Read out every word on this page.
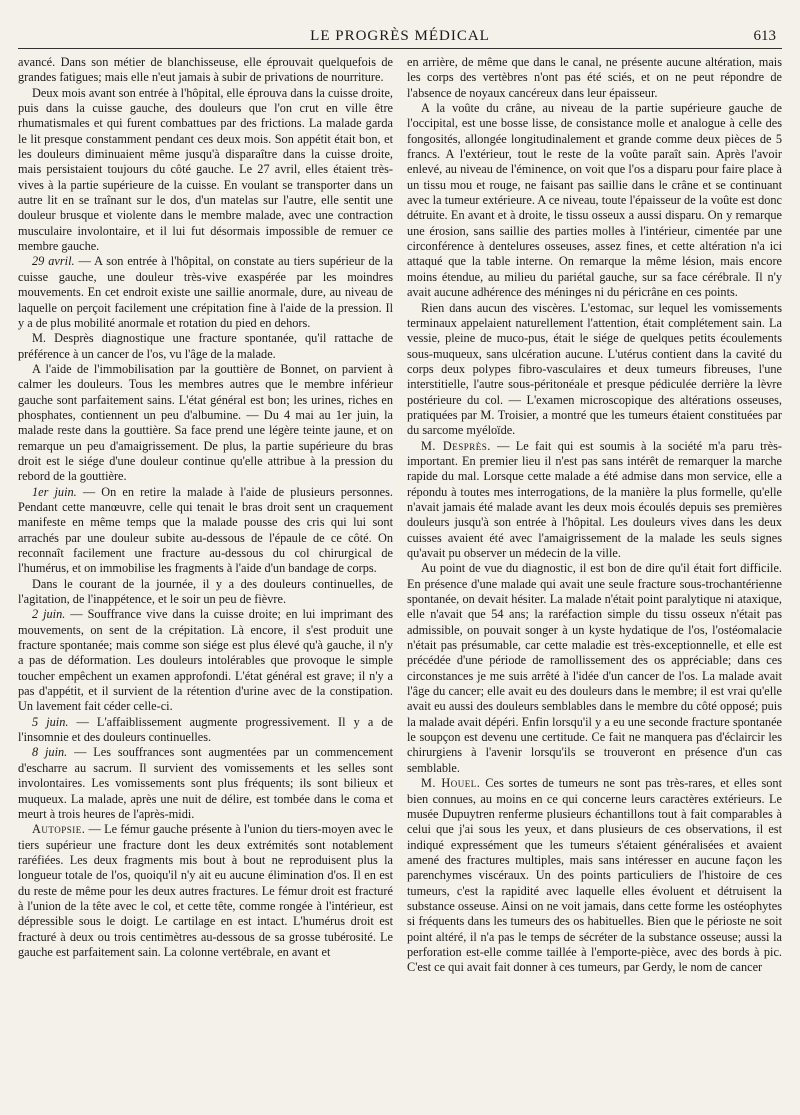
LE PROGRÈS MÉDICAL	613

avancé. Dans son métier de blanchisseuse, elle éprouvait quelquefois de grandes fatigues; mais elle n'eut jamais à subir de privations de nourriture.

Deux mois avant son entrée à l'hôpital, elle éprouva dans la cuisse droite, puis dans la cuisse gauche, des douleurs que l'on crut en ville être rhumatismales et qui furent combattues par des frictions. La malade garda le lit presque constamment pendant ces deux mois. Son appétit était bon, et les douleurs diminuaient même jusqu'à disparaître dans la cuisse droite, mais persistaient toujours du côté gauche. Le 27 avril, elles étaient très-vives à la partie supérieure de la cuisse. En voulant se transporter dans un autre lit en se traînant sur le dos, d'un matelas sur l'autre, elle sentit une douleur brusque et violente dans le membre malade, avec une contraction musculaire involontaire, et il lui fut désormais impossible de remuer ce membre gauche.

29 avril. — A son entrée à l'hôpital, on constate au tiers supérieur de la cuisse gauche, une douleur très-vive exaspérée par les moindres mouvements. En cet endroit existe une saillie anormale, dure, au niveau de laquelle on perçoit facilement une crépitation fine à l'aide de la pression. Il y a de plus mobilité anormale et rotation du pied en dehors.

M. Desprès diagnostique une fracture spontanée, qu'il rattache de préférence à un cancer de l'os, vu l'âge de la malade.

A l'aide de l'immobilisation par la gouttière de Bonnet, on parvient à calmer les douleurs. Tous les membres autres que le membre inférieur gauche sont parfaitement sains. L'état général est bon; les urines, riches en phosphates, contiennent un peu d'albumine. — Du 4 mai au 1er juin, la malade reste dans la gouttière. Sa face prend une légère teinte jaune, et on remarque un peu d'amaigrissement. De plus, la partie supérieure du bras droit est le siége d'une douleur continue qu'elle attribue à la pression du rebord de la gouttière.

1er juin. — On en retire la malade à l'aide de plusieurs personnes. Pendant cette manœuvre, celle qui tenait le bras droit sent un craquement manifeste en même temps que la malade pousse des cris qui lui sont arrachés par une douleur subite au-dessous de l'épaule de ce côté. On reconnaît facilement une fracture au-dessous du col chirurgical de l'humérus, et on immobilise les fragments à l'aide d'un bandage de corps.

Dans le courant de la journée, il y a des douleurs continuelles, de l'agitation, de l'inappétence, et le soir un peu de fièvre.

2 juin. — Souffrance vive dans la cuisse droite; en lui imprimant des mouvements, on sent de la crépitation. Là encore, il s'est produit une fracture spontanée; mais comme son siége est plus élevé qu'à gauche, il n'y a pas de déformation. Les douleurs intolérables que provoque le simple toucher empêchent un examen approfondi. L'état général est grave; il n'y a pas d'appétit, et il survient de la rétention d'urine avec de la constipation. Un lavement fait céder celle-ci.

5 juin. — L'affaiblissement augmente progressivement. Il y a de l'insomnie et des douleurs continuelles.

8 juin. — Les souffrances sont augmentées par un commencement d'escharre au sacrum. Il survient des vomissements et les selles sont involontaires. Les vomissements sont plus fréquents; ils sont bilieux et muqueux. La malade, après une nuit de délire, est tombée dans le coma et meurt à trois heures de l'après-midi.

Autopsie. — Le fémur gauche présente à l'union du tiers-moyen avec le tiers supérieur une fracture dont les deux extrémités sont notablement raréfiées. Les deux fragments mis bout à bout ne reproduisent plus la longueur totale de l'os, quoiqu'il n'y ait eu aucune élimination d'os. Il en est du reste de même pour les deux autres fractures. Le fémur droit est fracturé à l'union de la tête avec le col, et cette tête, comme rongée à l'intérieur, est dépressible sous le doigt. Le cartilage en est intact. L'humérus droit est fracturé à deux ou trois centimètres au-dessous de sa grosse tubérosité. Le gauche est parfaitement sain. La colonne vertébrale, en avant et

en arrière, de même que dans le canal, ne présente aucune altération, mais les corps des vertèbres n'ont pas été sciés, et on ne peut répondre de l'absence de noyaux cancéreux dans leur épaisseur.

A la voûte du crâne, au niveau de la partie supérieure gauche de l'occipital, est une bosse lisse, de consistance molle et analogue à celle des fongosités, allongée longitudinalement et grande comme deux pièces de 5 francs. A l'extérieur, tout le reste de la voûte paraît sain. Après l'avoir enlevé, au niveau de l'éminence, on voit que l'os a disparu pour faire place à un tissu mou et rouge, ne faisant pas saillie dans le crâne et se continuant avec la tumeur extérieure. A ce niveau, toute l'épaisseur de la voûte est donc détruite. En avant et à droite, le tissu osseux a aussi disparu. On y remarque une érosion, sans saillie des parties molles à l'intérieur, cimentée par une circonférence à dentelures osseuses, assez fines, et cette altération n'a ici attaqué que la table interne. On remarque la même lésion, mais encore moins étendue, au milieu du pariétal gauche, sur sa face cérébrale. Il n'y avait aucune adhérence des méninges ni du péricrâne en ces points.

Rien dans aucun des viscères. L'estomac, sur lequel les vomissements terminaux appelaient naturellement l'attention, était complétement sain. La vessie, pleine de muco-pus, était le siége de quelques petits écoulements sous-muqueux, sans ulcération aucune. L'utérus contient dans la cavité du corps deux polypes fibro-vasculaires et deux tumeurs fibreuses, l'une interstitielle, l'autre sous-péritonéale et presque pédiculée derrière la lèvre postérieure du col. — L'examen microscopique des altérations osseuses, pratiquées par M. Troisier, a montré que les tumeurs étaient constituées par du sarcome myéloïde.

M. Desprès. — Le fait qui est soumis à la société m'a paru très-important. En premier lieu il n'est pas sans intérêt de remarquer la marche rapide du mal. Lorsque cette malade a été admise dans mon service, elle a répondu à toutes mes interrogations, de la manière la plus formelle, qu'elle n'avait jamais été malade avant les deux mois écoulés depuis ses premières douleurs jusqu'à son entrée à l'hôpital. Les douleurs vives dans les deux cuisses avaient été avec l'amaigrissement de la malade les seuls signes qu'avait pu observer un médecin de la ville.

Au point de vue du diagnostic, il est bon de dire qu'il était fort difficile. En présence d'une malade qui avait une seule fracture sous-trochantérienne spontanée, on devait hésiter. La malade n'était point paralytique ni ataxique, elle n'avait que 54 ans; la raréfaction simple du tissu osseux n'était pas admissible, on pouvait songer à un kyste hydatique de l'os, l'ostéomalacie n'était pas présumable, car cette maladie est très-exceptionnelle, et elle est précédée d'une période de ramollissement des os appréciable; dans ces circonstances je me suis arrêté à l'idée d'un cancer de l'os. La malade avait l'âge du cancer; elle avait eu des douleurs dans le membre; il est vrai qu'elle avait eu aussi des douleurs semblables dans le membre du côté opposé; puis la malade avait dépéri. Enfin lorsqu'il y a eu une seconde fracture spontanée le soupçon est devenu une certitude. Ce fait ne manquera pas d'éclaircir les chirurgiens à l'avenir lorsqu'ils se trouveront en présence d'un cas semblable.

M. Houel. Ces sortes de tumeurs ne sont pas très-rares, et elles sont bien connues, au moins en ce qui concerne leurs caractères extérieurs. Le musée Dupuytren renferme plusieurs échantillons tout à fait comparables à celui que j'ai sous les yeux, et dans plusieurs de ces observations, il est indiqué expressément que les tumeurs s'étaient généralisées et avaient amené des fractures multiples, mais sans intéresser en aucune façon les parenchymes viscéraux. Un des points particuliers de l'histoire de ces tumeurs, c'est la rapidité avec laquelle elles évoluent et détruisent la substance osseuse. Ainsi on ne voit jamais, dans cette forme les ostéophytes si fréquents dans les tumeurs des os habituelles. Bien que le périoste ne soit point altéré, il n'a pas le temps de sécréter de la substance osseuse; aussi la perforation est-elle comme taillée à l'emporte-pièce, avec des bords à pic. C'est ce qui avait fait donner à ces tumeurs, par Gerdy, le nom de cancer
